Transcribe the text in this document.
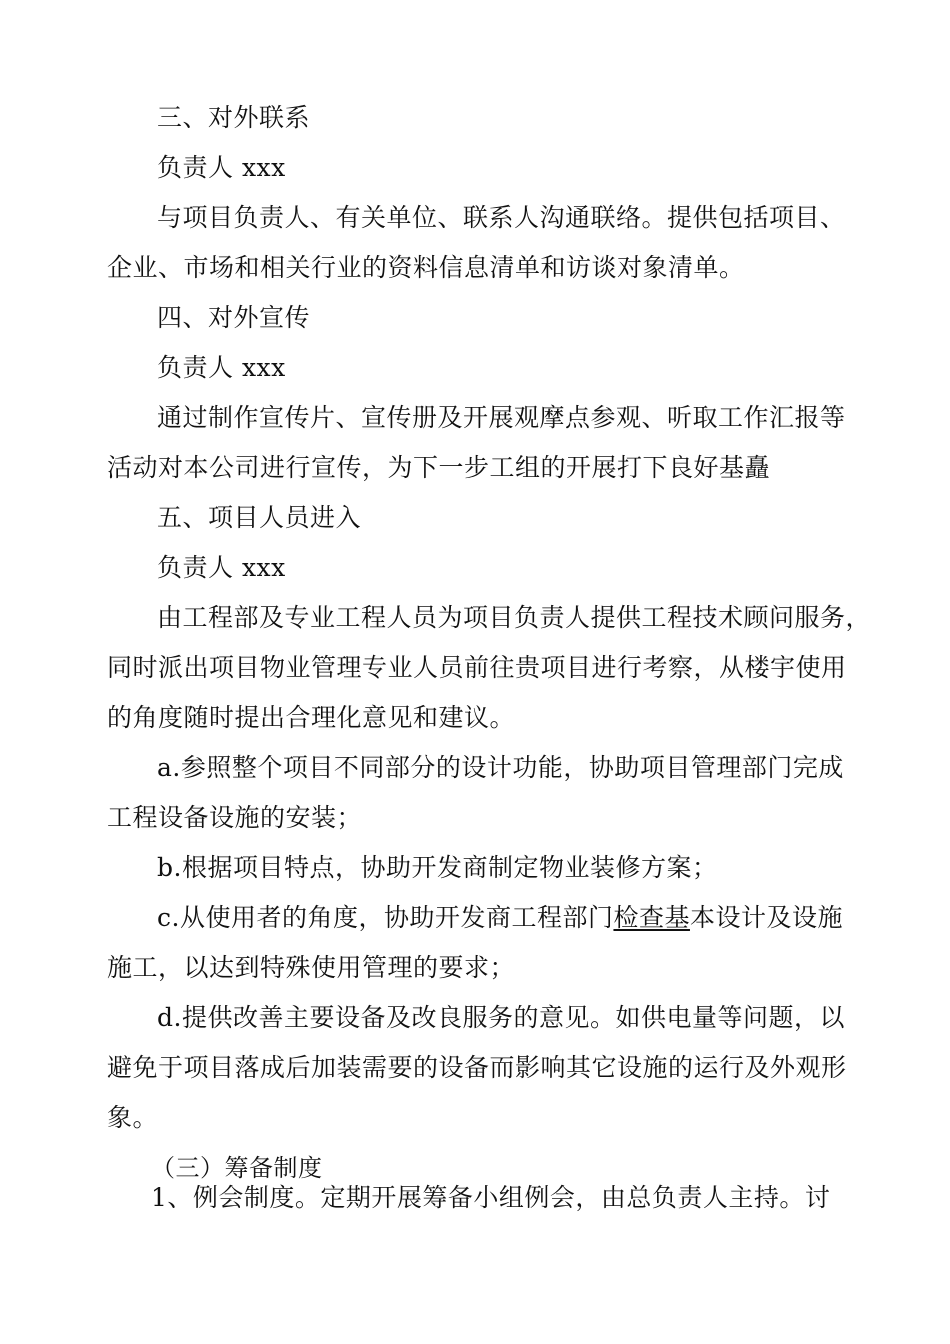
三、对外联系
负责人 xxx
与项目负责人、有关单位、联系人沟通联络。提供包括项目、
企业、市场和相关行业的资料信息清单和访谈对象清单。
四、对外宣传
负责人 xxx
通过制作宣传片、宣传册及开展观摩点参观、听取工作汇报等
活动对本公司进行宣传，为下一步工组的开展打下良好基矗
五、项目人员进入
负责人 xxx
由工程部及专业工程人员为项目负责人提供工程技术顾问服务，
同时派出项目物业管理专业人员前往贵项目进行考察，从楼宇使用
的角度随时提出合理化意见和建议。
a.参照整个项目不同部分的设计功能，协助项目管理部门完成
工程设备设施的安装；
b.根据项目特点，协助开发商制定物业装修方案；
c.从使用者的角度，协助开发商工程部门检查基本设计及设施
施工，以达到特殊使用管理的要求；
d.提供改善主要设备及改良服务的意见。如供电量等问题，以
避免于项目落成后加装需要的设备而影响其它设施的运行及外观形
象。
（三）筹备制度
1、例会制度。定期开展筹备小组例会，由总负责人主持。讨
